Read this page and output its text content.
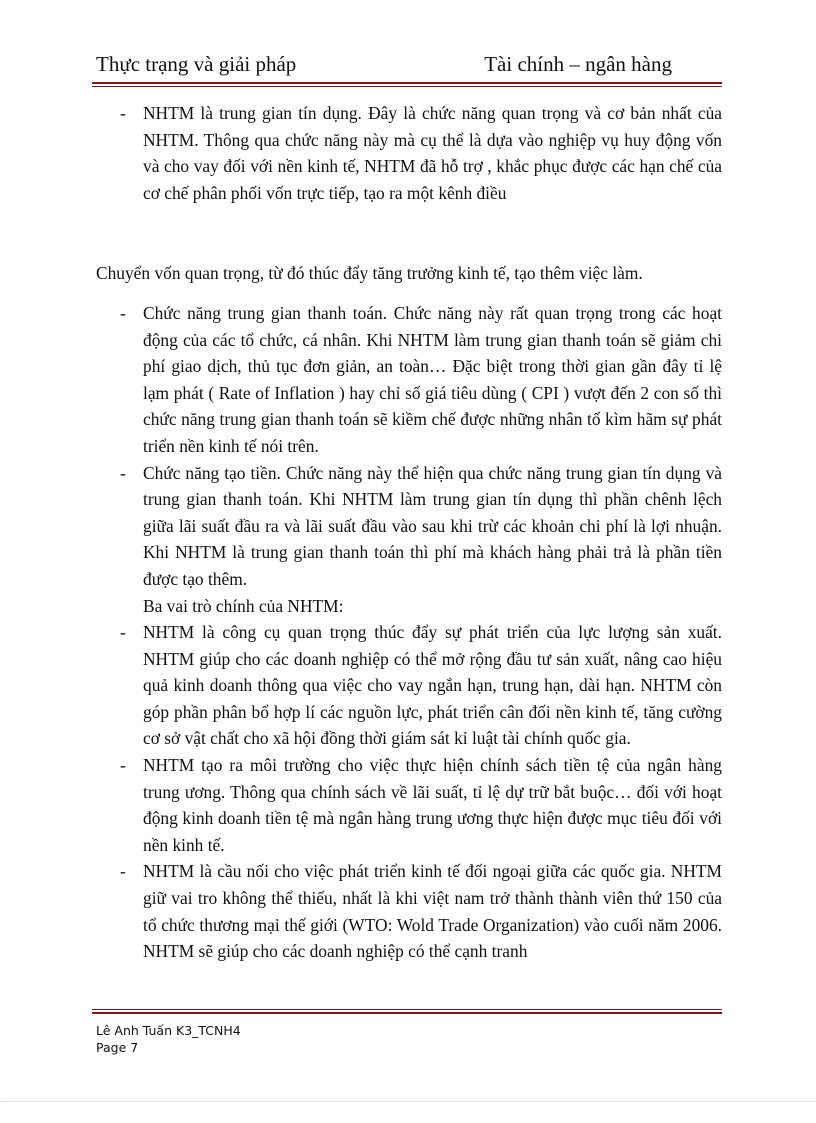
Thực trạng và giải pháp	Tài chính – ngân hàng
- NHTM là trung gian tín dụng. Đây là chức năng quan trọng và cơ bản nhất của NHTM. Thông qua chức năng này mà cụ thể là dựa vào nghiệp vụ huy động vốn và cho vay đối với nền kinh tế, NHTM đã hỗ trợ , khắc phục được các hạn chế của cơ chế phân phối vốn trực tiếp, tạo ra một kênh điều
Chuyển vốn quan trọng, từ đó thúc đẩy tăng trưởng kinh tế, tạo thêm việc làm.
- Chức năng trung gian thanh toán. Chức năng này rất quan trọng trong các hoạt động của các tổ chức, cá nhân. Khi NHTM làm trung gian thanh toán sẽ giảm chi phí giao dịch, thủ tục đơn giản, an toàn… Đặc biệt trong thời gian gần đây tỉ lệ lạm phát ( Rate of Inflation ) hay chỉ số giá tiêu dùng ( CPI ) vượt đến 2 con số thì chức năng trung gian thanh toán sẽ kiềm chế được những nhân tố kìm hãm sự phát triển nền kinh tế nói trên.
- Chức năng tạo tiền. Chức năng này thể hiện qua chức năng trung gian tín dụng và trung gian thanh toán. Khi NHTM làm trung gian tín dụng thì phần chênh lệch giữa lãi suất đầu ra và lãi suất đầu vào sau khi trừ các khoản chi phí là lợi nhuận. Khi NHTM là trung gian thanh toán thì phí mà khách hàng phải trả là phần tiền được tạo thêm.
Ba vai trò chính của NHTM:
- NHTM là công cụ quan trọng thúc đẩy sự phát triển của lực lượng sản xuất. NHTM giúp cho các doanh nghiệp có thể mở rộng đầu tư sản xuất, nâng cao hiệu quả kinh doanh thông qua việc cho vay ngắn hạn, trung hạn, dài hạn. NHTM còn góp phần phân bổ hợp lí các nguồn lực, phát triển cân đối nền kinh tế, tăng cường cơ sở vật chất cho xã hội đồng thời giám sát kỉ luật tài chính quốc gia.
- NHTM tạo ra môi trường cho việc thực hiện chính sách tiền tệ của ngân hàng trung ương. Thông qua chính sách về lãi suất, tỉ lệ dự trữ bắt buộc… đối với hoạt động kinh doanh tiền tệ mà ngân hàng trung ương thực hiện được mục tiêu đối với nền kinh tế.
- NHTM là cầu nối cho việc phát triển kinh tế đối ngoại giữa các quốc gia. NHTM giữ vai tro không thể thiếu, nhất là khi việt nam trở thành thành viên thứ 150 của tổ chức thương mại thế giới (WTO: Wold Trade Organization) vào cuối năm 2006. NHTM sẽ giúp cho các doanh nghiệp có thể cạnh tranh
Lê Anh Tuấn K3_TCNH4
Page 7
